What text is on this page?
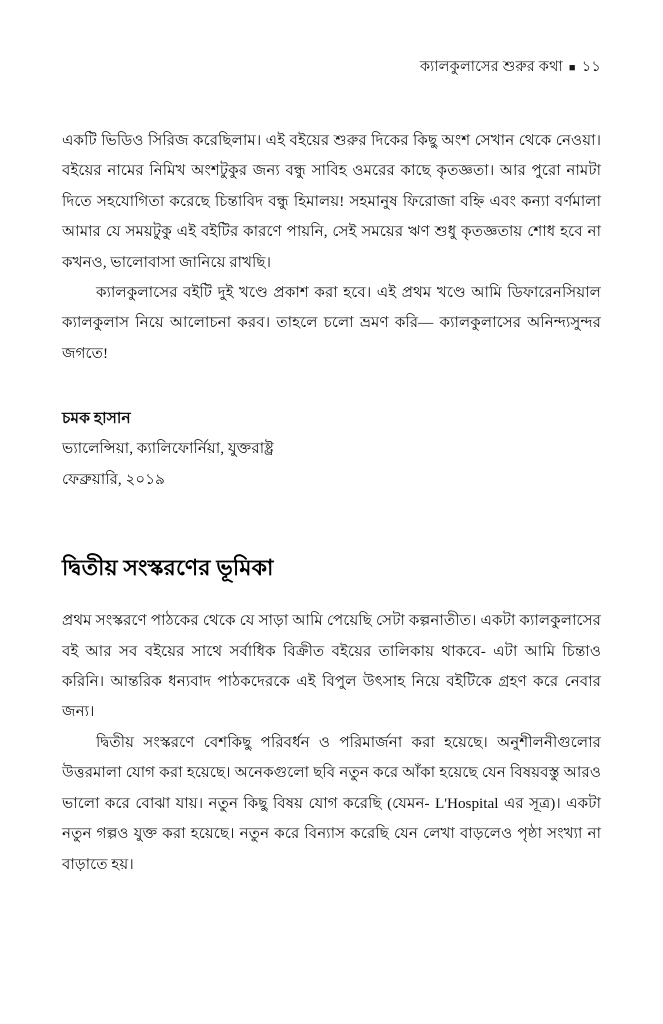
ক্যালকুলাসের শুরুর কথা ■ ১১

একটি ভিডিও সিরিজ করেছিলাম। এই বইয়ের শুরুর দিকের কিছু অংশ সেখান থেকে নেওয়া। বইয়ের নামের নিমিখ অংশটুকুর জন্য বন্ধু সাবিহ ওমরের কাছে কৃতজ্ঞতা। আর পুরো নামটা দিতে সহযোগিতা করেছে চিন্তাবিদ বন্ধু হিমালয়! সহমানুষ ফিরোজা বহ্নি এবং কন্যা বর্ণমালা আমার যে সময়টুকু এই বইটির কারণে পায়নি, সেই সময়ের ঋণ শুধু কৃতজ্ঞতায় শোধ হবে না কখনও, ভালোবাসা জানিয়ে রাখছি।

ক্যালকুলাসের বইটি দুই খণ্ডে প্রকাশ করা হবে। এই প্রথম খণ্ডে আমি ডিফারেনসিয়াল ক্যালকুলাস নিয়ে আলোচনা করব। তাহলে চলো ভ্রমণ করি— ক্যালকুলাসের অনিন্দ্যসুন্দর জগতে!

চমক হাসান
ভ্যালেন্সিয়া, ক্যালিফোর্নিয়া, যুক্তরাষ্ট্র
ফেব্রুয়ারি, ২০১৯
দ্বিতীয় সংস্করণের ভূমিকা

প্রথম সংস্করণে পাঠকের থেকে যে সাড়া আমি পেয়েছি সেটা কল্পনাতীত। একটা ক্যালকুলাসের বই আর সব বইয়ের সাথে সর্বাধিক বিক্রীত বইয়ের তালিকায় থাকবে- এটা আমি চিন্তাও করিনি। আন্তরিক ধন্যবাদ পাঠকদেরকে এই বিপুল উৎসাহ নিয়ে বইটিকে গ্রহণ করে নেবার জন্য।

দ্বিতীয় সংস্করণে বেশকিছু পরিবর্ধন ও পরিমার্জনা করা হয়েছে। অনুশীলনীগুলোর উত্তরমালা যোগ করা হয়েছে। অনেকগুলো ছবি নতুন করে আঁকা হয়েছে যেন বিষয়বস্তু আরও ভালো করে বোঝা যায়। নতুন কিছু বিষয় যোগ করেছি (যেমন- L'Hospital এর সূত্র)। একটা নতুন গল্পও যুক্ত করা হয়েছে। নতুন করে বিন্যাস করেছি যেন লেখা বাড়লেও পৃষ্ঠা সংখ্যা না বাড়াতে হয়।
